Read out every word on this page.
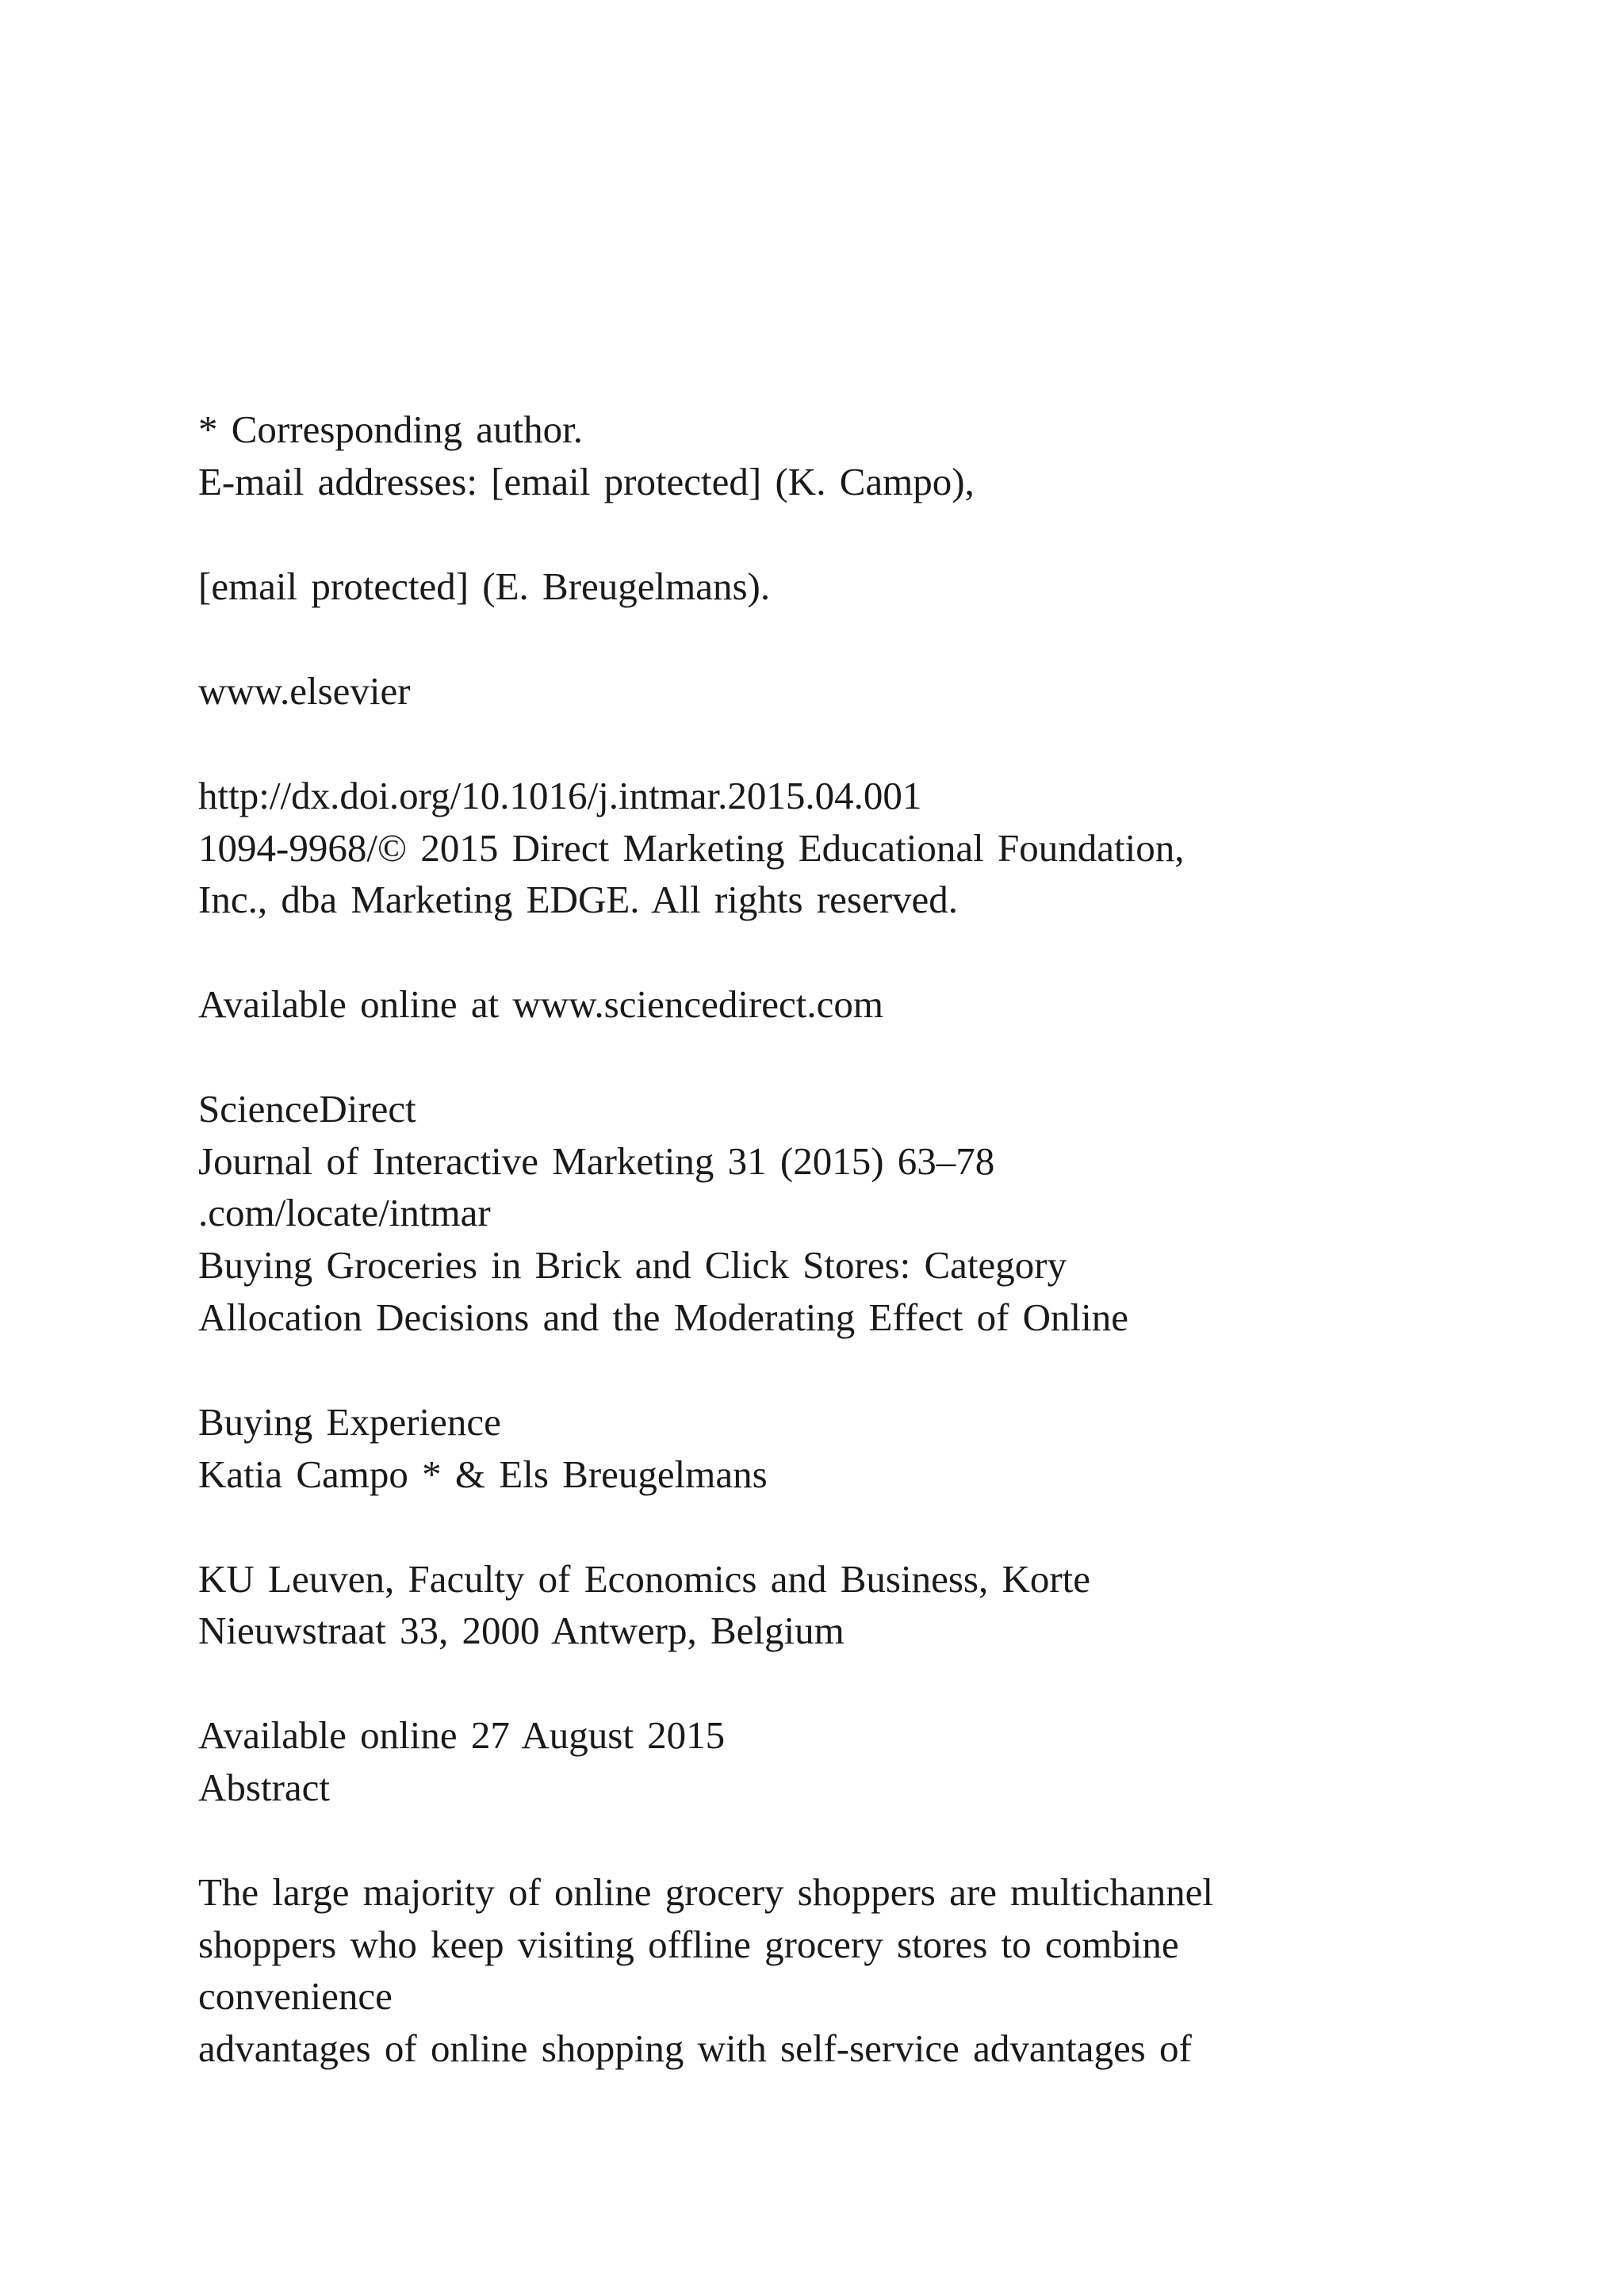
* Corresponding author.

E-mail addresses: [email protected] (K. Campo),

[email protected] (E. Breugelmans).

www.elsevier

http://dx.doi.org/10.1016/j.intmar.2015.04.001

1094-9968/© 2015 Direct Marketing Educational Foundation,

Inc., dba Marketing EDGE. All rights reserved.

Available online at www.sciencedirect.com

ScienceDirect

Journal of Interactive Marketing 31 (2015) 63–78

.com/locate/intmar

Buying Groceries in Brick and Click Stores: Category

Allocation Decisions and the Moderating Effect of Online

Buying Experience

Katia Campo * & Els Breugelmans

KU Leuven, Faculty of Economics and Business, Korte

Nieuwstraat 33, 2000 Antwerp, Belgium

Available online 27 August 2015

Abstract

The large majority of online grocery shoppers are multichannel

shoppers who keep visiting offline grocery stores to combine

convenience

advantages of online shopping with self-service advantages of
